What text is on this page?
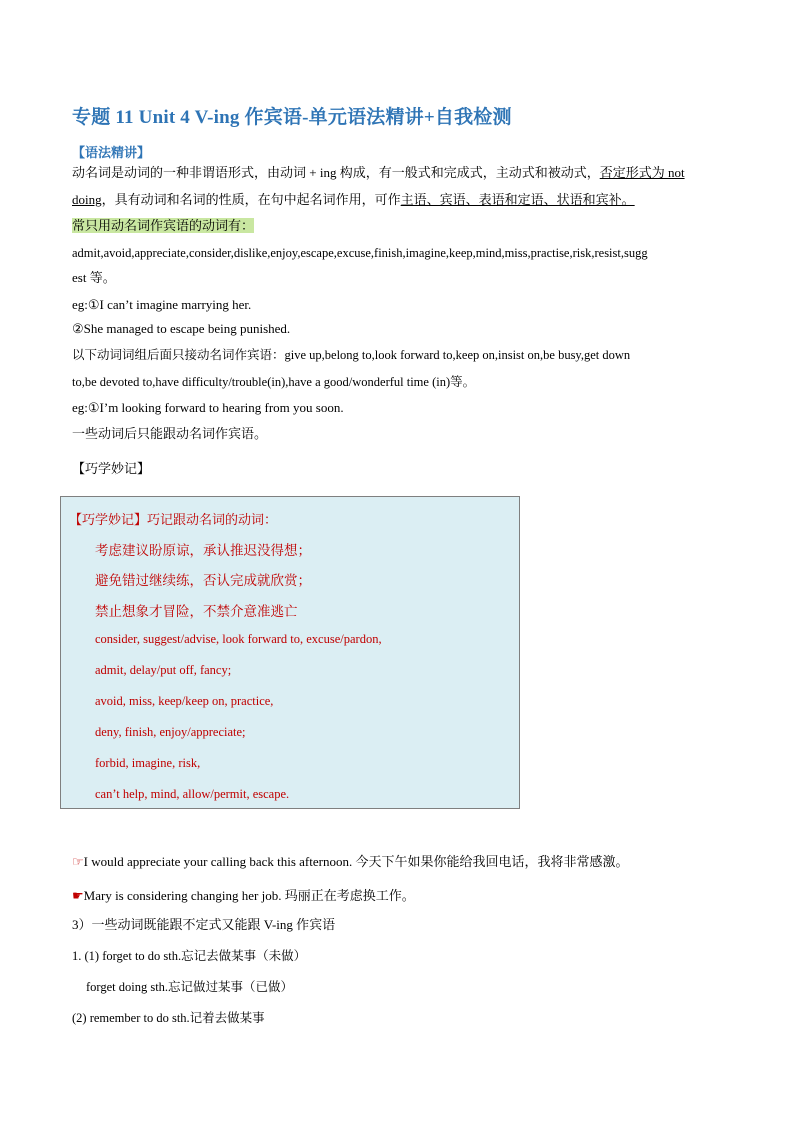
专题 11 Unit 4 V-ing 作宾语-单元语法精讲+自我检测
【语法精讲】
动名词是动词的一种非谓语形式，由动词 + ing 构成，有一般式和完成式，主动式和被动式，否定形式为 not
doing，具有动词和名词的性质，在句中起名词作用，可作主语、宾语、表语和定语、状语和宾补。
常只用动名词作宾语的动词有：
admit,avoid,appreciate,consider,dislike,enjoy,escape,excuse,finish,imagine,keep,mind,miss,practise,risk,resist,sugg
est 等。
eg:①I can’t imagine marrying her.
②She managed to escape being punished.
以下动词词组后面只接动名词作宾语：give up,belong to,look forward to,keep on,insist on,be busy,get down
to,be devoted to,have difficulty/trouble(in),have a good/wonderful time (in)等。
eg:①I’m looking forward to hearing from you soon.
一些动词后只能跟动名词作宾语。
【巧学妙记】
【巧学妙记】巧记跟动名词的动词：
考虑建议盼原谅，承认推迟没得想；
避免错过继续练，否认完成就欣赏；
禁止想象才冒险，不禁介意准逃亡
consider, suggest/advise, look forward to, excuse/pardon,
admit, delay/put off, fancy;
avoid, miss, keep/keep on, practice,
deny, finish, enjoy/appreciate;
forbid, imagine, risk,
can’t help, mind, allow/permit, escape.
☞I would appreciate your calling back this afternoon. 今天下午如果你能给我回电话，我将非常感激。
☛Mary is considering changing her job. 玛丽正在考虑换工作。
3）一些动词既能跟不定式又能跟 V-ing 作宾语
1. (1) forget to do sth.忘记去做某事（未做）
forget doing sth.忘记做过某事（已做）
(2) remember to do sth.记着去做某事
